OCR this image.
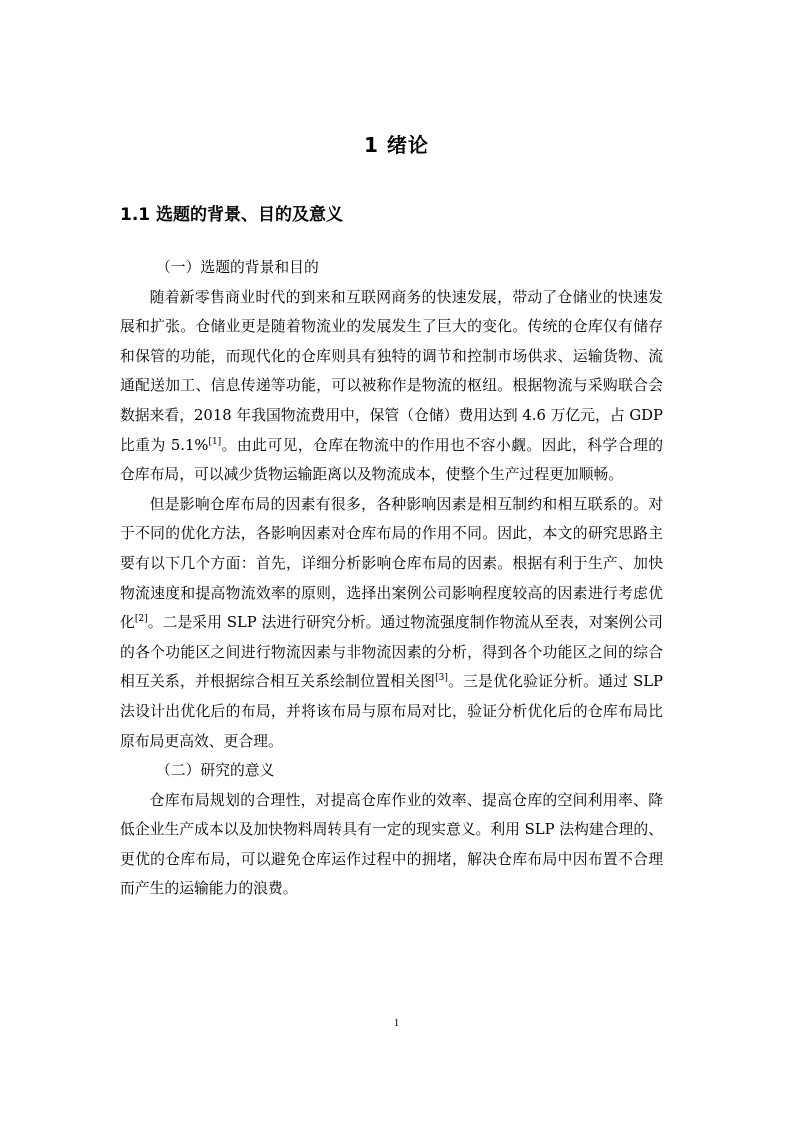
1 绪论
1.1 选题的背景、目的及意义

（一）选题的背景和目的

随着新零售商业时代的到来和互联网商务的快速发展，带动了仓储业的快速发展和扩张。仓储业更是随着物流业的发展发生了巨大的变化。传统的仓库仅有储存和保管的功能，而现代化的仓库则具有独特的调节和控制市场供求、运输货物、流通配送加工、信息传递等功能，可以被称作是物流的枢纽。根据物流与采购联合会数据来看，2018 年我国物流费用中，保管（仓储）费用达到 4.6 万亿元，占 GDP 比重为 5.1%[1]。由此可见，仓库在物流中的作用也不容小觑。因此，科学合理的仓库布局，可以减少货物运输距离以及物流成本，使整个生产过程更加顺畅。

但是影响仓库布局的因素有很多，各种影响因素是相互制约和相互联系的。对于不同的优化方法，各影响因素对仓库布局的作用不同。因此，本文的研究思路主要有以下几个方面：首先，详细分析影响仓库布局的因素。根据有利于生产、加快物流速度和提高物流效率的原则，选择出案例公司影响程度较高的因素进行考虑优化[2]。二是采用 SLP 法进行研究分析。通过物流强度制作物流从至表，对案例公司的各个功能区之间进行物流因素与非物流因素的分析，得到各个功能区之间的综合相互关系，并根据综合相互关系绘制位置相关图[3]。三是优化验证分析。通过 SLP 法设计出优化后的布局，并将该布局与原布局对比，验证分析优化后的仓库布局比原布局更高效、更合理。

（二）研究的意义

仓库布局规划的合理性，对提高仓库作业的效率、提高仓库的空间利用率、降低企业生产成本以及加快物料周转具有一定的现实意义。利用 SLP 法构建合理的、更优的仓库布局，可以避免仓库运作过程中的拥堵，解决仓库布局中因布置不合理而产生的运输能力的浪费。

1
